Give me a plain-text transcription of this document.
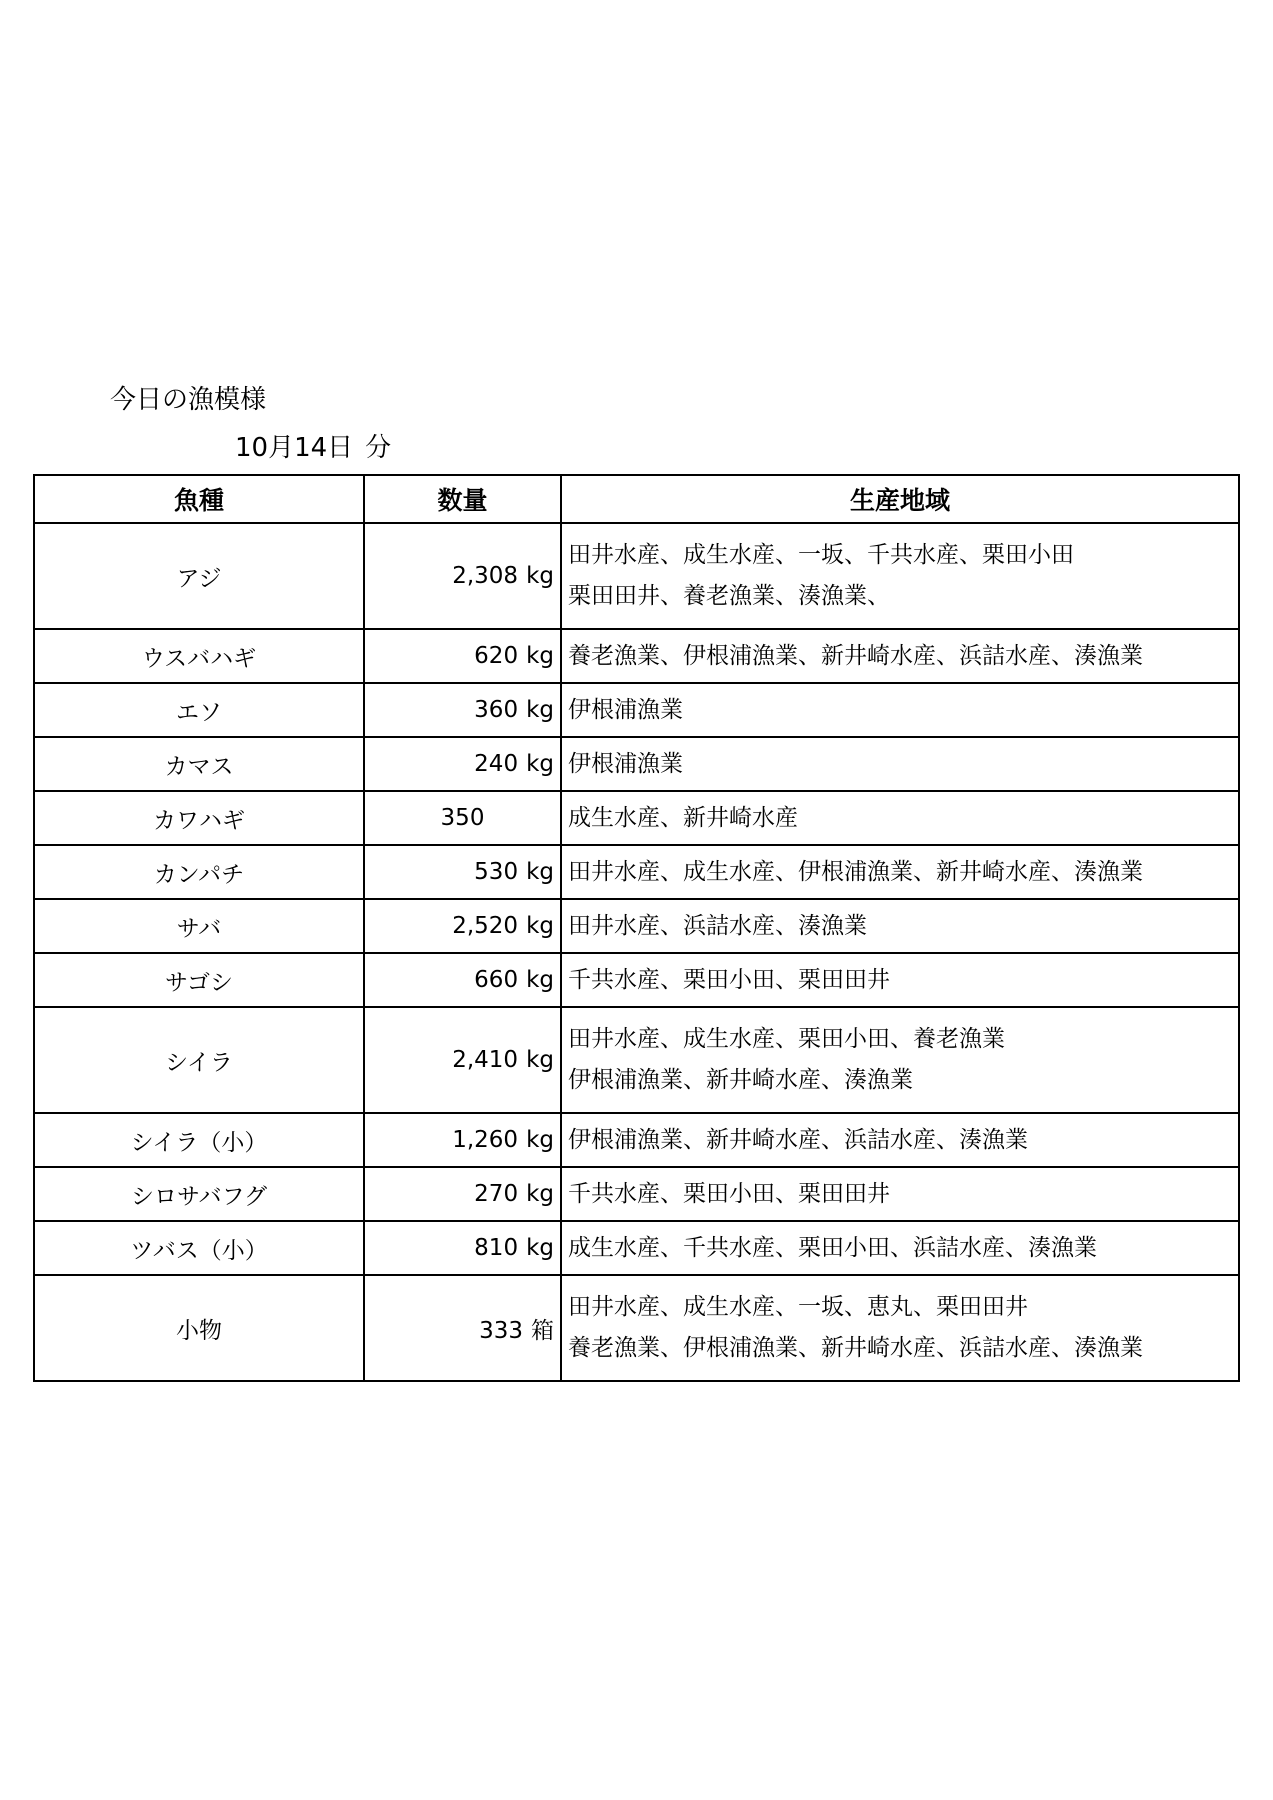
今日の漁模様
10月14日 分
魚種	数量	生産地域
アジ	2,308 kg	田井水産、成生水産、一坂、千共水産、栗田小田
栗田田井、養老漁業、湊漁業、

ウスバハギ	620 kg	養老漁業、伊根浦漁業、新井崎水産、浜詰水産、湊漁業

エソ	360 kg	伊根浦漁業

カマス	240 kg	伊根浦漁業

カワハギ	350	成生水産、新井崎水産

カンパチ	530 kg	田井水産、成生水産、伊根浦漁業、新井崎水産、湊漁業

サバ	2,520 kg	田井水産、浜詰水産、湊漁業

サゴシ	660 kg	千共水産、栗田小田、栗田田井

シイラ	2,410 kg	田井水産、成生水産、栗田小田、養老漁業
伊根浦漁業、新井崎水産、湊漁業

シイラ（小）	1,260 kg	伊根浦漁業、新井崎水産、浜詰水産、湊漁業

シロサバフグ	270 kg	千共水産、栗田小田、栗田田井

ツバス（小）	810 kg	成生水産、千共水産、栗田小田、浜詰水産、湊漁業

小物	333 箱	田井水産、成生水産、一坂、恵丸、栗田田井
養老漁業、伊根浦漁業、新井崎水産、浜詰水産、湊漁業
